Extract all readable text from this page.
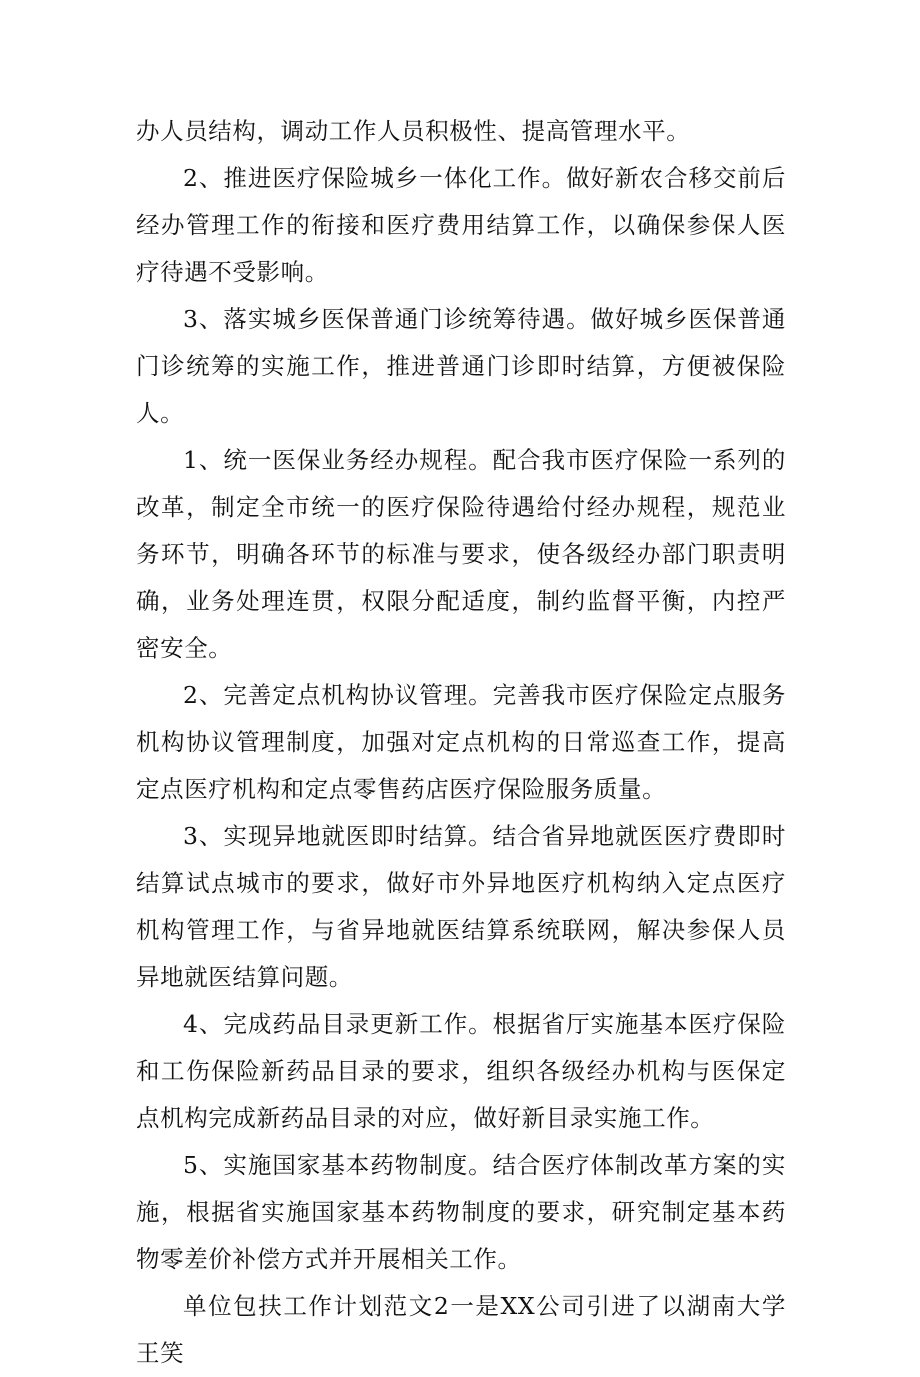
办人员结构，调动工作人员积极性、提高管理水平。

2、推进医疗保险城乡一体化工作。做好新农合移交前后经办管理工作的衔接和医疗费用结算工作，以确保参保人医疗待遇不受影响。

3、落实城乡医保普通门诊统筹待遇。做好城乡医保普通门诊统筹的实施工作，推进普通门诊即时结算，方便被保险人。

1、统一医保业务经办规程。配合我市医疗保险一系列的改革，制定全市统一的医疗保险待遇给付经办规程，规范业务环节，明确各环节的标准与要求，使各级经办部门职责明确，业务处理连贯，权限分配适度，制约监督平衡，内控严密安全。

2、完善定点机构协议管理。完善我市医疗保险定点服务机构协议管理制度，加强对定点机构的日常巡查工作，提高定点医疗机构和定点零售药店医疗保险服务质量。

3、实现异地就医即时结算。结合省异地就医医疗费即时结算试点城市的要求，做好市外异地医疗机构纳入定点医疗机构管理工作，与省异地就医结算系统联网，解决参保人员异地就医结算问题。

4、完成药品目录更新工作。根据省厅实施基本医疗保险和工伤保险新药品目录的要求，组织各级经办机构与医保定点机构完成新药品目录的对应，做好新目录实施工作。

5、实施国家基本药物制度。结合医疗体制改革方案的实施，根据省实施国家基本药物制度的要求，研究制定基本药物零差价补偿方式并开展相关工作。

单位包扶工作计划范文2一是XX公司引进了以湖南大学王笑
